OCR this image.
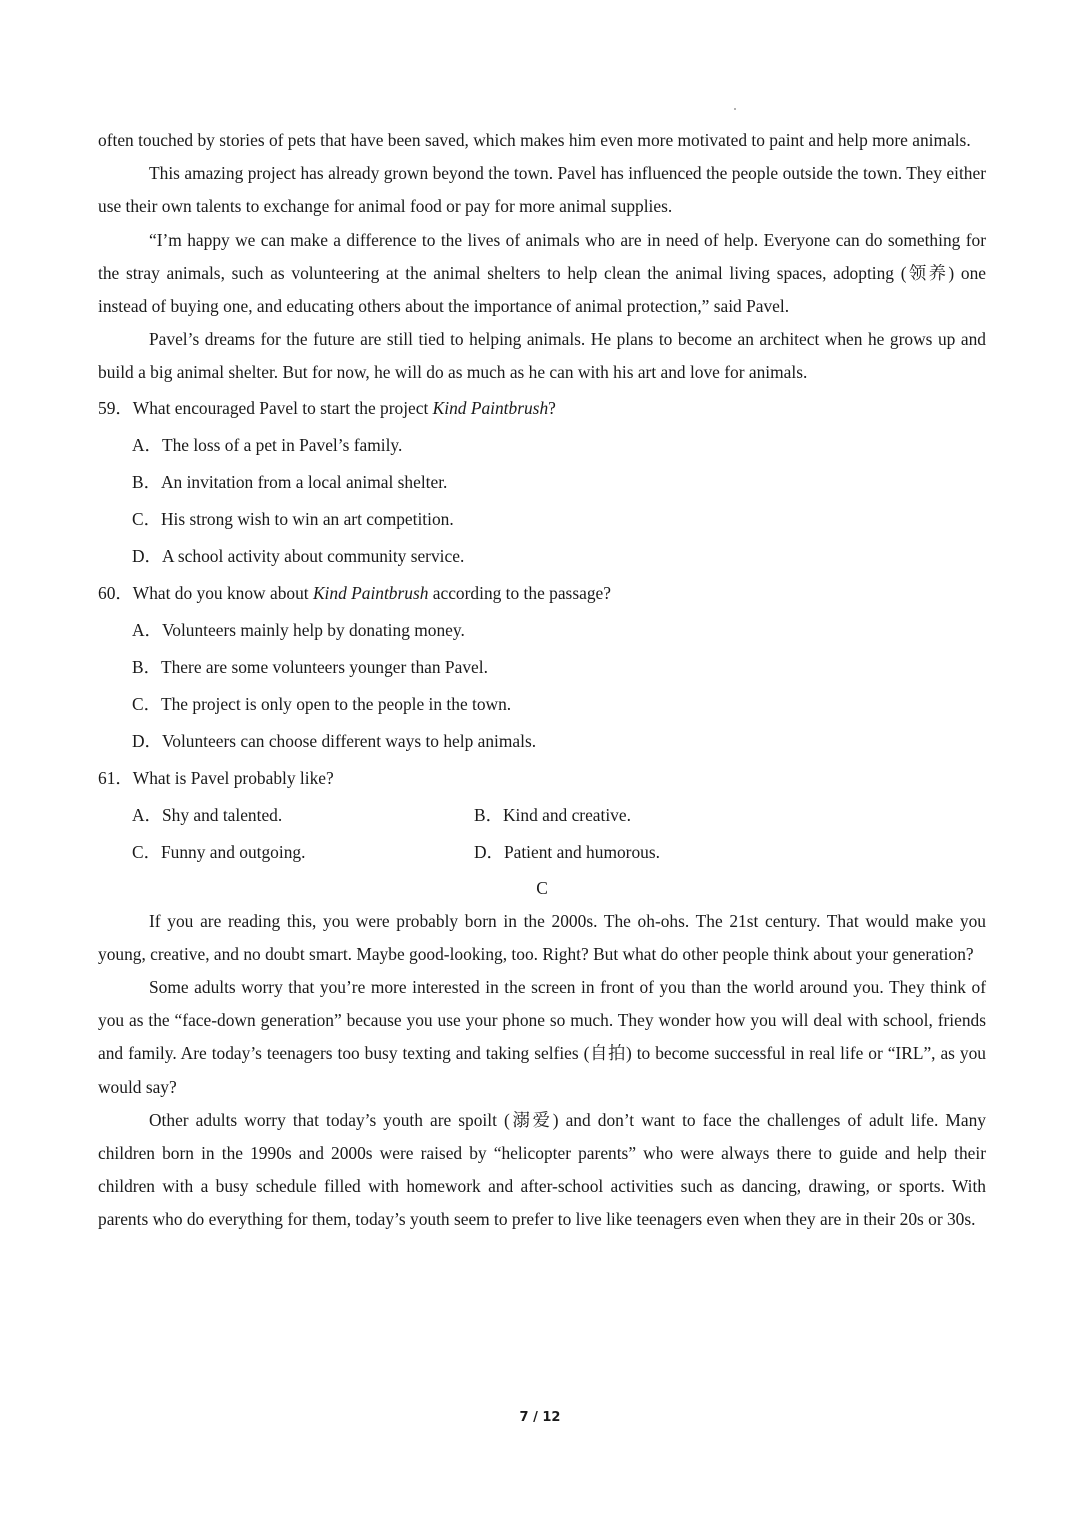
often touched by stories of pets that have been saved, which makes him even more motivated to paint and help more animals.

This amazing project has already grown beyond the town. Pavel has influenced the people outside the town. They either use their own talents to exchange for animal food or pay for more animal supplies.

“I’m happy we can make a difference to the lives of animals who are in need of help. Everyone can do something for the stray animals, such as volunteering at the animal shelters to help clean the animal living spaces, adopting (领养) one instead of buying one, and educating others about the importance of animal protection,” said Pavel.

Pavel’s dreams for the future are still tied to helping animals. He plans to become an architect when he grows up and build a big animal shelter. But for now, he will do as much as he can with his art and love for animals.

59．What encouraged Pavel to start the project Kind Paintbrush?

A．The loss of a pet in Pavel’s family.

B．An invitation from a local animal shelter.

C．His strong wish to win an art competition.

D．A school activity about community service.

60．What do you know about Kind Paintbrush according to the passage?

A．Volunteers mainly help by donating money.

B．There are some volunteers younger than Pavel.

C．The project is only open to the people in the town.

D．Volunteers can choose different ways to help animals.

61．What is Pavel probably like?

A．Shy and talented.	B．Kind and creative.
C．Funny and outgoing.	D．Patient and humorous.

C

If you are reading this, you were probably born in the 2000s. The oh-ohs. The 21st century. That would make you young, creative, and no doubt smart. Maybe good-looking, too. Right? But what do other people think about your generation?

Some adults worry that you’re more interested in the screen in front of you than the world around you. They think of you as the “face-down generation” because you use your phone so much. They wonder how you will deal with school, friends and family. Are today’s teenagers too busy texting and taking selfies (自拍) to become successful in real life or “IRL”, as you would say?

Other adults worry that today’s youth are spoilt (溺爱) and don’t want to face the challenges of adult life. Many children born in the 1990s and 2000s were raised by “helicopter parents” who were always there to guide and help their children with a busy schedule filled with homework and after-school activities such as dancing, drawing, or sports. With parents who do everything for them, today’s youth seem to prefer to live like teenagers even when they are in their 20s or 30s.

7 / 12
